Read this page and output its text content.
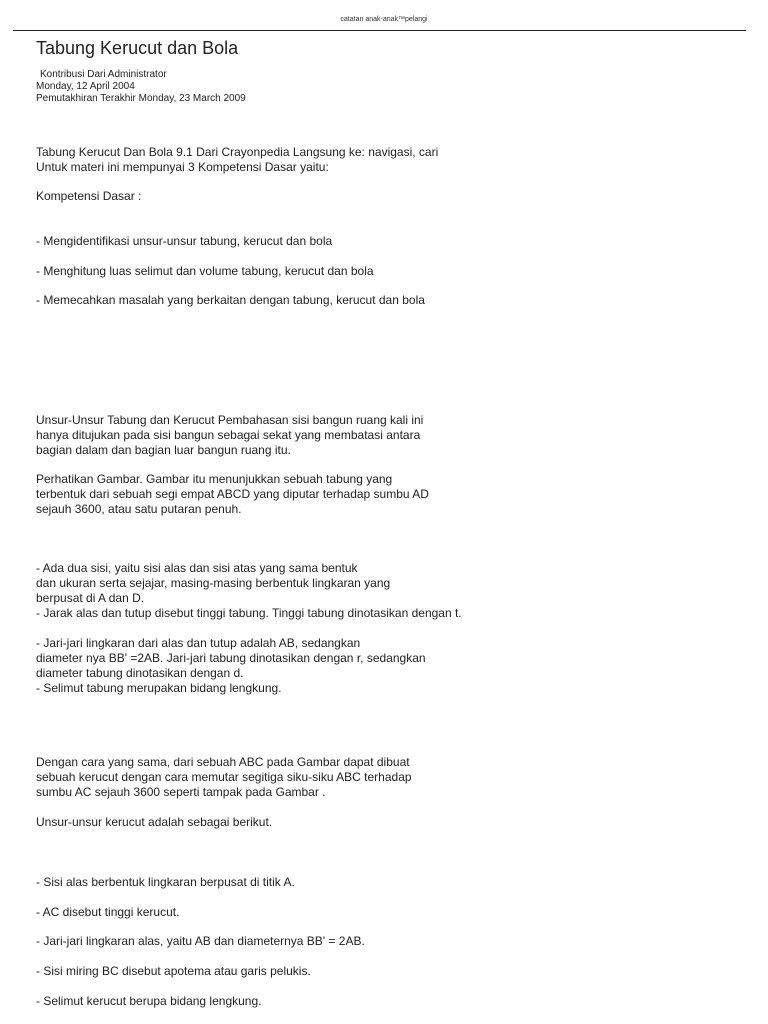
catatan anak-anak™pelangi
Tabung Kerucut dan Bola
Kontribusi Dari Administrator
Monday, 12 April 2004
Pemutakhiran Terakhir Monday, 23 March 2009
Tabung Kerucut Dan Bola 9.1 Dari Crayonpedia Langsung ke: navigasi, cari
Untuk materi ini mempunyai 3 Kompetensi Dasar yaitu:
Kompetensi Dasar :
- Mengidentifikasi unsur-unsur tabung, kerucut dan bola
- Menghitung luas selimut dan volume tabung, kerucut dan bola
- Memecahkan masalah yang berkaitan dengan tabung, kerucut dan bola
Unsur-Unsur Tabung dan Kerucut Pembahasan sisi bangun ruang kali ini
hanya ditujukan pada sisi bangun sebagai sekat yang membatasi antara
bagian dalam dan bagian luar bangun ruang itu.
Perhatikan Gambar. Gambar itu menunjukkan sebuah tabung yang
terbentuk dari sebuah segi empat ABCD yang diputar terhadap sumbu AD
sejauh 3600, atau satu putaran penuh.
- Ada dua sisi, yaitu sisi alas dan sisi atas yang sama bentuk
dan ukuran serta sejajar, masing-masing berbentuk lingkaran yang
berpusat di A dan D.
- Jarak alas dan tutup disebut tinggi tabung. Tinggi tabung dinotasikan dengan t.
- Jari-jari lingkaran dari alas dan tutup adalah AB, sedangkan
diameter nya BB' =2AB. Jari-jari tabung dinotasikan dengan r, sedangkan
diameter tabung dinotasikan dengan d.
- Selimut tabung merupakan bidang lengkung.
Dengan cara yang sama, dari sebuah ABC pada Gambar dapat dibuat
sebuah kerucut dengan cara memutar segitiga siku-siku ABC terhadap
sumbu AC sejauh 3600 seperti tampak pada Gambar .
Unsur-unsur kerucut adalah sebagai berikut.
- Sisi alas berbentuk lingkaran berpusat di titik A.
- AC disebut tinggi kerucut.
- Jari-jari lingkaran alas, yaitu AB dan diameternya BB' = 2AB.
- Sisi miring BC disebut apotema atau garis pelukis.
- Selimut kerucut berupa bidang lengkung.
